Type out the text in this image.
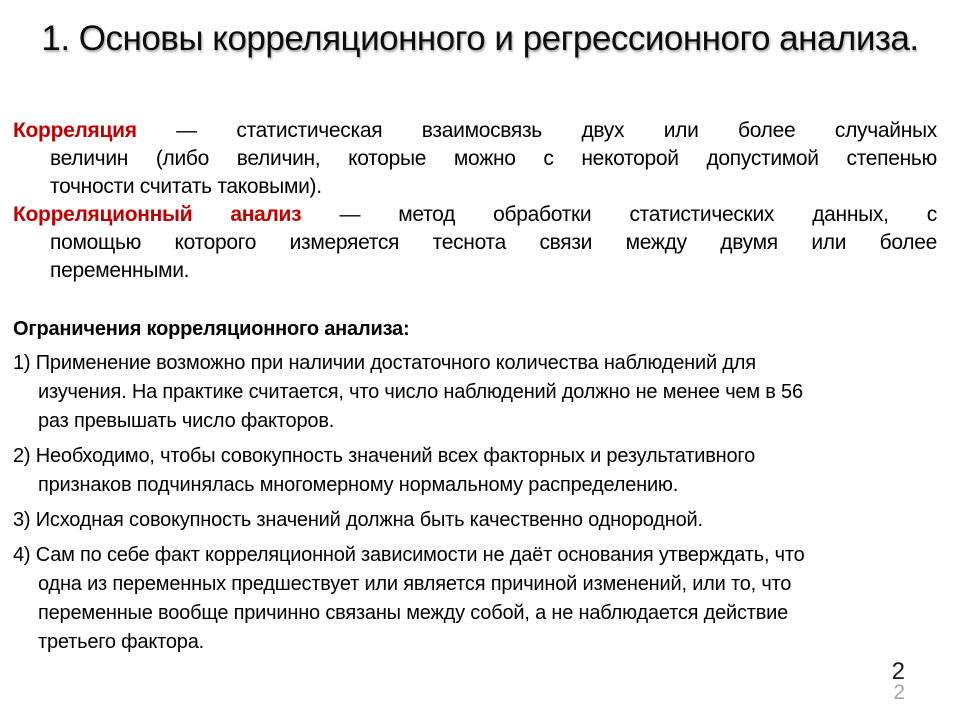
1. Основы корреляционного и регрессионного анализа.
Корреляция — статистическая взаимосвязь двух или более случайных
величин (либо величин, которые можно с некоторой допустимой степенью
точности считать таковыми).
Корреляционный анализ — метод обработки статистических данных, с
помощью которого измеряется теснота связи между двумя или более
переменными.
Ограничения корреляционного анализа:
1) Применение возможно при наличии достаточного количества наблюдений для
изучения. На практике считается, что число наблюдений должно не менее чем в 56
раз превышать число факторов.
2) Необходимо, чтобы совокупность значений всех факторных и результативного
признаков подчинялась многомерному нормальному распределению.
3) Исходная совокупность значений должна быть качественно однородной.
4) Сам по себе факт корреляционной зависимости не даёт основания утверждать, что
одна из переменных предшествует или является причиной изменений, или то, что
переменные вообще причинно связаны между собой, а не наблюдается действие
третьего фактора.
2
2
